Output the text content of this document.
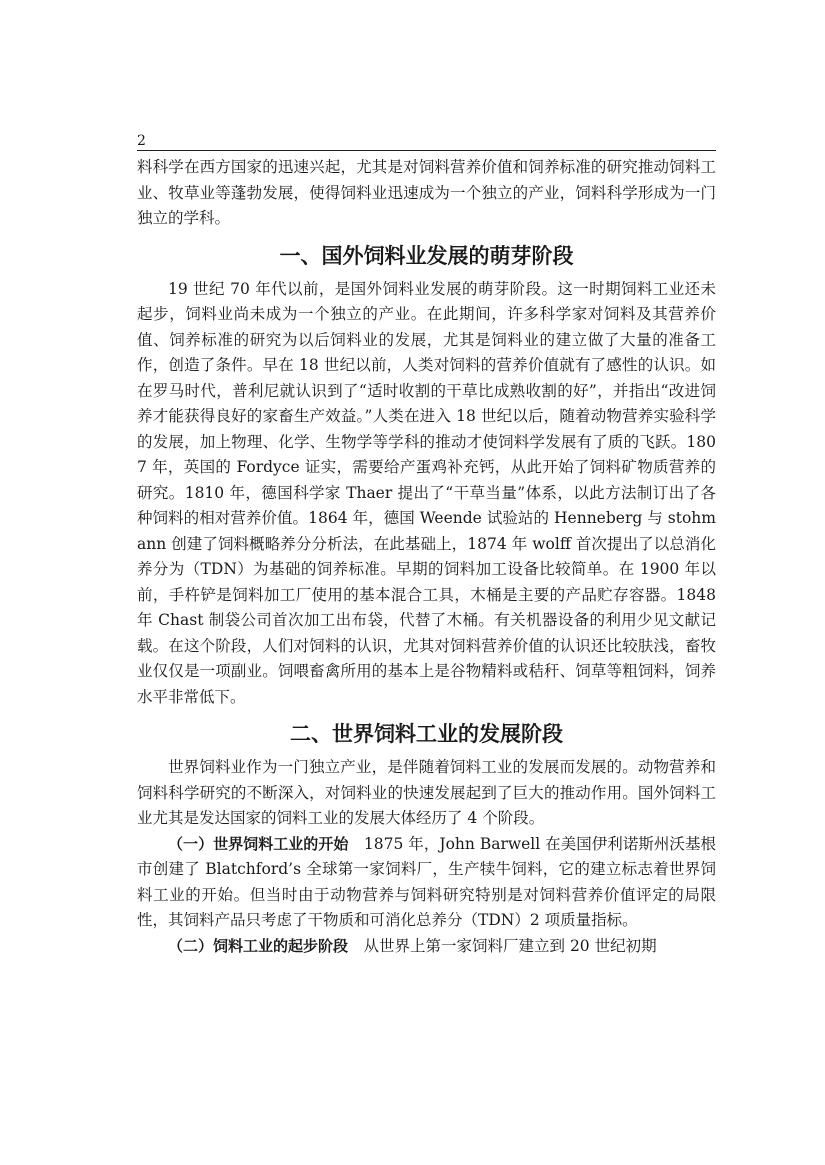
2

料科学在西方国家的迅速兴起，尤其是对饲料营养价值和饲养标准的研究推动饲料工业、牧草业等蓬勃发展，使得饲料业迅速成为一个独立的产业，饲料科学形成为一门独立的学科。

一、国外饲料业发展的萌芽阶段

19 世纪 70 年代以前，是国外饲料业发展的萌芽阶段。这一时期饲料工业还未起步，饲料业尚未成为一个独立的产业。在此期间，许多科学家对饲料及其营养价值、饲养标准的研究为以后饲料业的发展，尤其是饲料业的建立做了大量的准备工作，创造了条件。早在 18 世纪以前，人类对饲料的营养价值就有了感性的认识。如在罗马时代，普利尼就认识到了“适时收割的干草比成熟收割的好”，并指出“改进饲养才能获得良好的家畜生产效益。”人类在进入 18 世纪以后，随着动物营养实验科学的发展，加上物理、化学、生物学等学科的推动才使饲料学发展有了质的飞跃。1807 年，英国的 Fordyce 证实，需要给产蛋鸡补充钙，从此开始了饲料矿物质营养的研究。1810 年，德国科学家 Thaer 提出了“干草当量”体系，以此方法制订出了各种饲料的相对营养价值。1864 年，德国 Weende 试验站的 Henneberg 与 stohmann 创建了饲料概略养分分析法，在此基础上，1874 年 wolff 首次提出了以总消化养分为（TDN）为基础的饲养标准。早期的饲料加工设备比较简单。在 1900 年以前，手杵铲是饲料加工厂使用的基本混合工具，木桶是主要的产品贮存容器。1848 年 Chast 制袋公司首次加工出布袋，代替了木桶。有关机器设备的利用少见文献记载。在这个阶段，人们对饲料的认识，尤其对饲料营养价值的认识还比较肤浅，畜牧业仅仅是一项副业。饲喂畜禽所用的基本上是谷物精料或秸秆、饲草等粗饲料，饲养水平非常低下。

二、世界饲料工业的发展阶段

世界饲料业作为一门独立产业，是伴随着饲料工业的发展而发展的。动物营养和饲料科学研究的不断深入，对饲料业的快速发展起到了巨大的推动作用。国外饲料工业尤其是发达国家的饲料工业的发展大体经历了 4 个阶段。

（一）世界饲料工业的开始 1875 年，John Barwell 在美国伊利诺斯州沃基根市创建了 Blatchford’s 全球第一家饲料厂，生产犊牛饲料，它的建立标志着世界饲料工业的开始。但当时由于动物营养与饲料研究特别是对饲料营养价值评定的局限性，其饲料产品只考虑了干物质和可消化总养分（TDN）2 项质量指标。

（二）饲料工业的起步阶段 从世界上第一家饲料厂建立到 20 世纪初期
